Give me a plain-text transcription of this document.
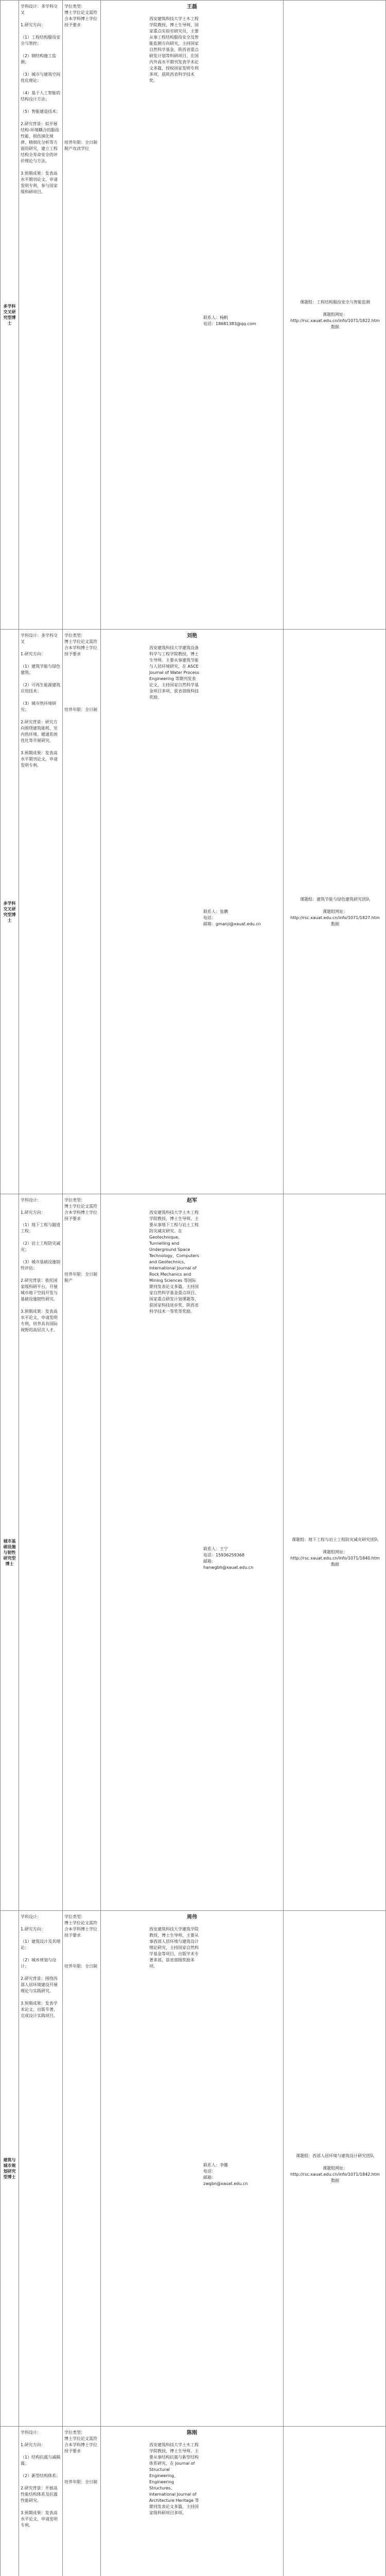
多学科交叉研究型博士
学科设计：多学科交叉

1.研究方向：

（1）工程结构服役安全与管控；

（2）钢结构施工监测；

（3）城市与建筑空间优化理论；

（4）基于人工智能的结构设计方法；

（5）智能建造技术；

2.研究背景：拟开展结构-环境耦合的服役性能、损伤演化规律、精细化分析等方面的研究，建立工程结构全寿命安全的评价理论与方法。

3.预期成果：发表高水平期刊论文，申请发明专利，参与国家级科研项目。
学位类型：
博士学位论文需符合本学科博士学位授予要求

培养年限：全日制脱产攻读学位
王磊
西安建筑科技大学土木工程学院教授，博士生导师，国家重点实验室研究员，主要从事工程结构服役安全及智能监测方向研究，主持国家自然科学基金、陕西省重点研发计划等科研项目，在国内外高水平期刊发表学术论文多篇，授权国家发明专利多项，获陕西省科学技术奖。
联系人：杨帆
电话：18681383@qq.com
课题组：工程结构服役安全与智能监测

课题组网址：
http://rsc.xauat.edu.cn/info/1071/1822.htm
数据
多学科交叉研究型博士
学科设计：多学科交叉

1.研究方向：

（1）建筑节能与绿色建筑；

（2）可再生能源建筑应用技术；

（3）城市热环境研究；

2.研究背景：研究方向围绕建筑能耗、室内热环境、暖通系统优化等开展研究。

3.预期成果：发表高水平期刊论文，申请发明专利。
学位类型：
博士学位论文需符合本学科博士学位授予要求

培养年限：全日制
刘艳
西安建筑科技大学建筑设备科学与工程学院教授，博士生导师。主要从事建筑节能与人居环境研究，在 ASCE Journal of Water Process Engineering 等期刊发表论文，主持国家自然科学基金项目多项，获省部级科技奖励。
联系人：张鹏
电话：
邮箱：gmanji@xauat.edu.cn
课题组：建筑节能与绿色建筑研究团队

课题组网址：
http://rsc.xauat.edu.cn/info/1071/1827.htm
数据
城市基础设施与韧性研究型博士
学科设计：

1.研究方向：

（1）地下工程与隧道工程；

（2）岩土工程防灾减灾；

（3）城市基础设施韧性评估；

2.研究背景：依托国家级科研平台，开展城市地下空间开发与基础设施韧性研究。

3.预期成果：发表高水平论文，申请发明专利，培养具有国际视野的高层次人才。
学位类型：
博士学位论文需符合本学科博士学位授予要求

培养年限：全日制脱产
赵军
西安建筑科技大学土木工程学院教授，博士生导师，主要从事地下工程与岩土工程防灾减灾研究。在 Geotechnique、Tunnelling and Underground Space Technology、Computers and Geotechnics、International Journal of Rock Mechanics and Mining Sciences 等国际期刊发表论文多篇，主持国家自然科学基金重点项目、国家重点研发计划课题等，获国家科技进步奖、陕西省科学技术一等奖等奖励。
联系人：王宁
电话：15936259368
邮箱：
hanwgbh@xauat.edu.cn
课题组：地下工程与岩土工程防灾减灾研究团队

课题组网址：
http://rsc.xauat.edu.cn/info/1071/1840.htm
数据
建筑与城市规划研究型博士
学科设计：

1.研究方向：

（1）建筑设计及其理论；

（2）城乡规划与设计；

2.研究背景：围绕西部人居环境建设开展理论与实践研究。

3.预期成果：发表学术论文，出版专著，完成设计实践项目。
学位类型：
博士学位论文需符合本学科博士学位授予要求

培养年限：全日制
周伟
西安建筑科技大学建筑学院教授，博士生导师，主要从事西部人居环境与建筑设计理论研究，主持国家自然科学基金等项目，出版学术专著多部，获省部级奖励多项。
联系人：李娜
电话：
邮箱：
zwgbn@xauat.edu.cn
课题组：西部人居环境与建筑设计研究团队

课题组网址：
http://rsc.xauat.edu.cn/info/1071/1842.htm
数据
学科设计：

1.研究方向：

（1）结构抗震与减隔震；

（2）新型结构体系；

2.研究背景：开展高性能结构体系及抗震性能研究。

3.预期成果：发表高水平论文，申请发明专利。
学位类型：
博士学位论文需符合本学科博士学位授予要求

培养年限：全日制
陈刚
西安建筑科技大学土木工程学院教授，博士生导师，主要从事结构抗震与新型结构体系研究，在 Journal of Structural Engineering、Engineering Structures、International Journal of Architecture Heritage 等期刊发表论文多篇，主持国家级科研项目多项。
